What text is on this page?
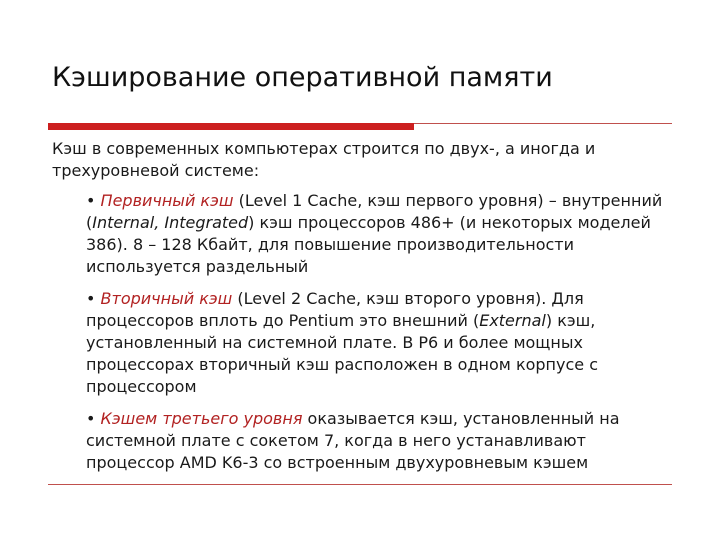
Кэширование оперативной памяти

Кэш в современных компьютерах строится по двух-, а иногда и трехуровневой системе:

• Первичный кэш (Level 1 Cache, кэш первого уровня) – внутренний (Internal, Integrated) кэш процессоров 486+ (и некоторых моделей 386). 8 – 128 Кбайт, для повышение производительности используется раздельный

• Вторичный кэш (Level 2 Cache, кэш второго уровня). Для процессоров вплоть до Pentium это внешний (External) кэш, установленный на системной плате. В P6 и более мощных процессорах вторичный кэш расположен в одном корпусе с процессором

• Кэшем третьего уровня оказывается кэш, установленный на системной плате с сокетом 7, когда в него устанавливают процессор AMD K6-3 со встроенным двухуровневым кэшем
